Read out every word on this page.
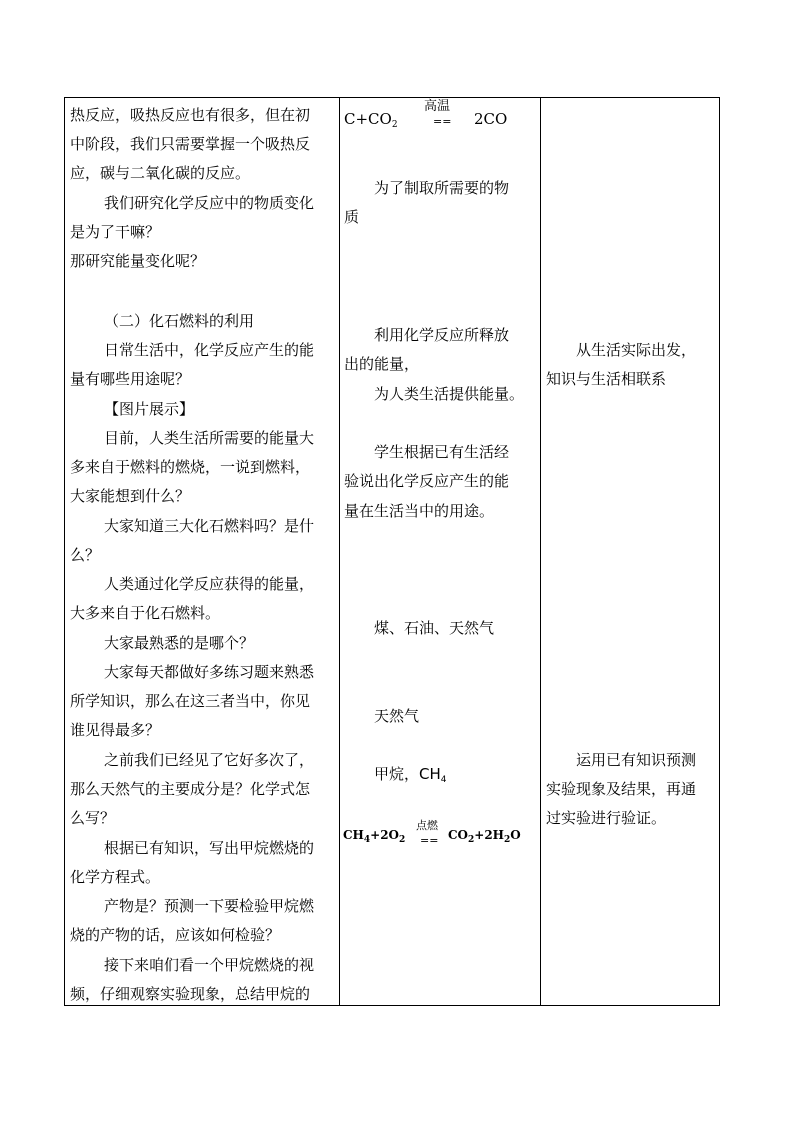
热反应，吸热反应也有很多，但在初
中阶段，我们只需要掌握一个吸热反
应，碳与二氧化碳的反应。
我们研究化学反应中的物质变化
是为了干嘛？
那研究能量变化呢？
（二）化石燃料的利用
日常生活中，化学反应产生的能
量有哪些用途呢？
【图片展示】
目前，人类生活所需要的能量大
多来自于燃料的燃烧，一说到燃料，
大家能想到什么？
大家知道三大化石燃料吗？是什
么？
人类通过化学反应获得的能量，
大多来自于化石燃料。
大家最熟悉的是哪个？
大家每天都做好多练习题来熟悉
所学知识，那么在这三者当中，你见
谁见得最多？
之前我们已经见了它好多次了，
那么天然气的主要成分是？化学式怎
么写？
根据已有知识，写出甲烷燃烧的
化学方程式。
产物是？预测一下要检验甲烷燃
烧的产物的话，应该如何检验？
接下来咱们看一个甲烷燃烧的视
频，仔细观察实验现象，总结甲烷的
$C+CO_2$
高温
== 2CO
为了制取所需要的物
质
利用化学反应所释放
出的能量，
为人类生活提供能量。
学生根据已有生活经
验说出化学反应产生的能
量在生活当中的用途。
煤、石油、天然气
天然气
甲烷，$CH_4$
$CH_4+2O_2$
点燃
== $CO_2+2H_2O$
从生活实际出发，
知识与生活相联系
运用已有知识预测
实验现象及结果，再通
过实验进行验证。
